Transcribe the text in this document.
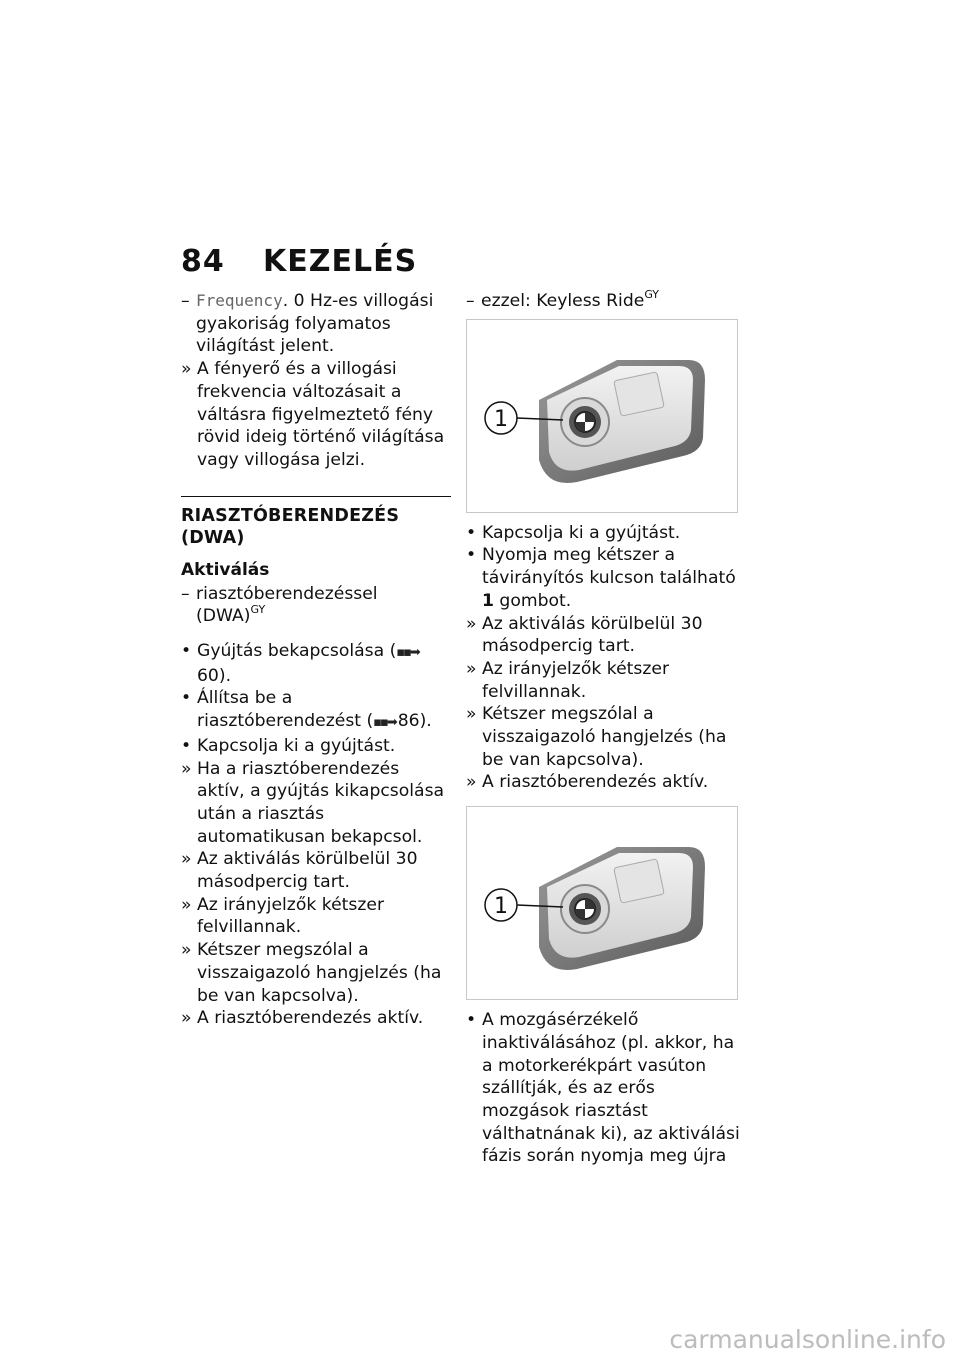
84 KEZELÉS

– Frequency. 0 Hz-es villogási gyakoriság folyamatos világítást jelent.

» A fényerő és a villogási frekvencia változásait a váltásra figyelmeztető fény rövid ideig történő világítása vagy villogása jelzi.

RIASZTÓBERENDEZÉS (DWA)

Aktiválás

– riasztóberendezéssel (DWA)$^{GY}$

• Gyújtás bekapcsolása (▪▪➡60).

• Állítsa be a riasztóberendezést (▪▪➡ 86).

• Kapcsolja ki a gyújtást.

» Ha a riasztóberendezés aktív, a gyújtás kikapcsolása után a riasztás automatikusan bekapcsol.

» Az aktiválás körülbelül 30 másodpercig tart.

» Az irányjelzők kétszer felvillannak.

» Kétszer megszólal a visszaigazoló hangjelzés (ha be van kapcsolva).

» A riasztóberendezés aktív.

– ezzel: Keyless Ride$^{GY}$

1

• Kapcsolja ki a gyújtást.

• Nyomja meg kétszer a távirányítós kulcson található 1 gombot.

» Az aktiválás körülbelül 30 másodpercig tart.

» Az irányjelzők kétszer felvillannak.

» Kétszer megszólal a visszaigazoló hangjelzés (ha be van kapcsolva).

» A riasztóberendezés aktív.

1

• A mozgásérzékelő inaktiválásához (pl. akkor, ha a motorkerékpárt vasúton szállítják, és az erős mozgások riasztást válthatnának ki), az aktiválási fázis során nyomja meg újra

carmanualsonline.info
